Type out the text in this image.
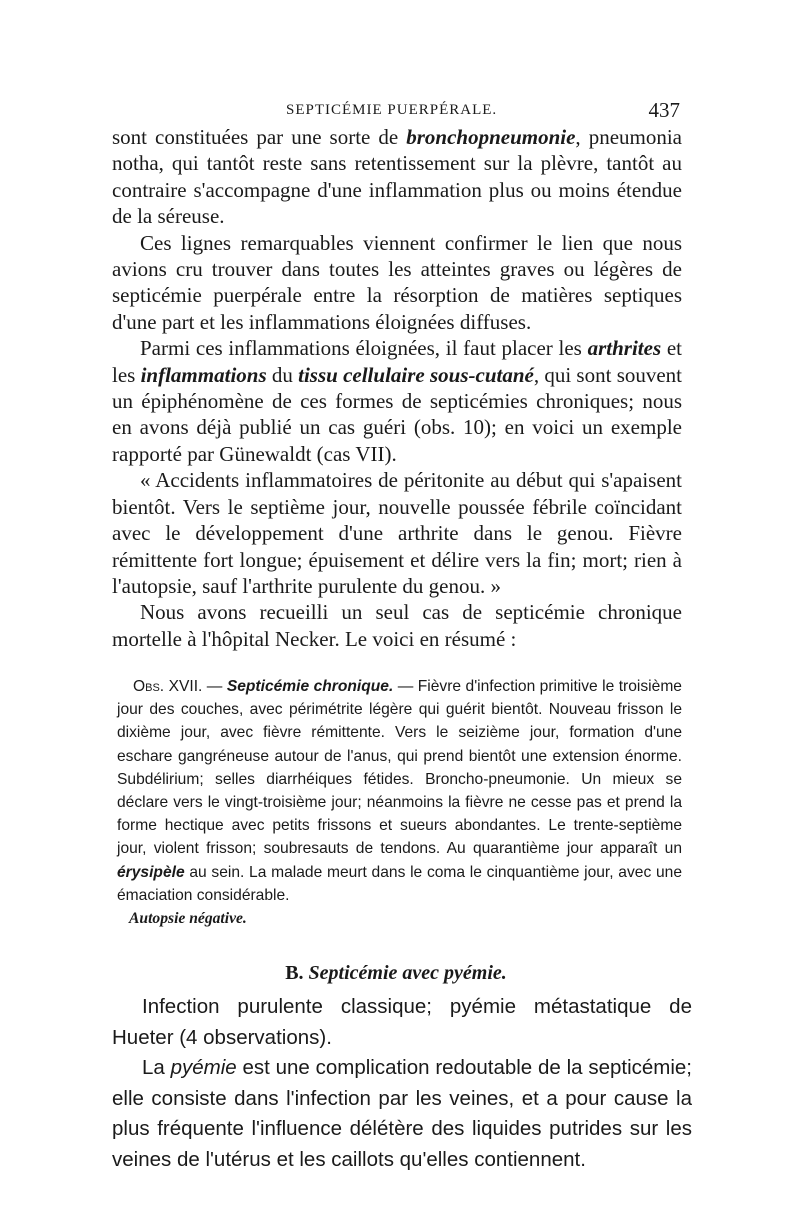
SEPTICÉMIE PUERPÉRALE.	437

sont constituées par une sorte de bronchopneumonie, pneumonia notha, qui tantôt reste sans retentissement sur la plèvre, tantôt au contraire s'accompagne d'une inflammation plus ou moins étendue de la séreuse.

Ces lignes remarquables viennent confirmer le lien que nous avions cru trouver dans toutes les atteintes graves ou légères de septicémie puerpérale entre la résorption de matières septiques d'une part et les inflammations éloignées diffuses.

Parmi ces inflammations éloignées, il faut placer les arthrites et les inflammations du tissu cellulaire sous-cutané, qui sont souvent un épiphénomène de ces formes de septicémies chroniques; nous en avons déjà publié un cas guéri (obs. 10); en voici un exemple rapporté par Günewaldt (cas VII).

« Accidents inflammatoires de péritonite au début qui s'apaisent bientôt. Vers le septième jour, nouvelle poussée fébrile coïncidant avec le développement d'une arthrite dans le genou. Fièvre rémittente fort longue; épuisement et délire vers la fin; mort; rien à l'autopsie, sauf l'arthrite purulente du genou. »

Nous avons recueilli un seul cas de septicémie chronique mortelle à l'hôpital Necker. Le voici en résumé :

Obs. XVII. — Septicémie chronique. — Fièvre d'infection primitive le troisième jour des couches, avec périmétrite légère qui guérit bientôt. Nouveau frisson le dixième jour, avec fièvre rémittente. Vers le seizième jour, formation d'une eschare gangréneuse autour de l'anus, qui prend bientôt une extension énorme. Subdélirium; selles diarrhéiques fétides. Broncho-pneumonie. Un mieux se déclare vers le vingt-troisième jour; néanmoins la fièvre ne cesse pas et prend la forme hectique avec petits frissons et sueurs abondantes. Le trente-septième jour, violent frisson; soubresauts de tendons. Au quarantième jour apparaît un érysipèle au sein. La malade meurt dans le coma le cinquantième jour, avec une émaciation considérable.

Autopsie négative.

B. Septicémie avec pyémie.

Infection purulente classique; pyémie métastatique de Hueter (4 observations).

La pyémie est une complication redoutable de la septicémie; elle consiste dans l'infection par les veines, et a pour cause la plus fréquente l'influence délétère des liquides putrides sur les veines de l'utérus et les caillots qu'elles contiennent.
